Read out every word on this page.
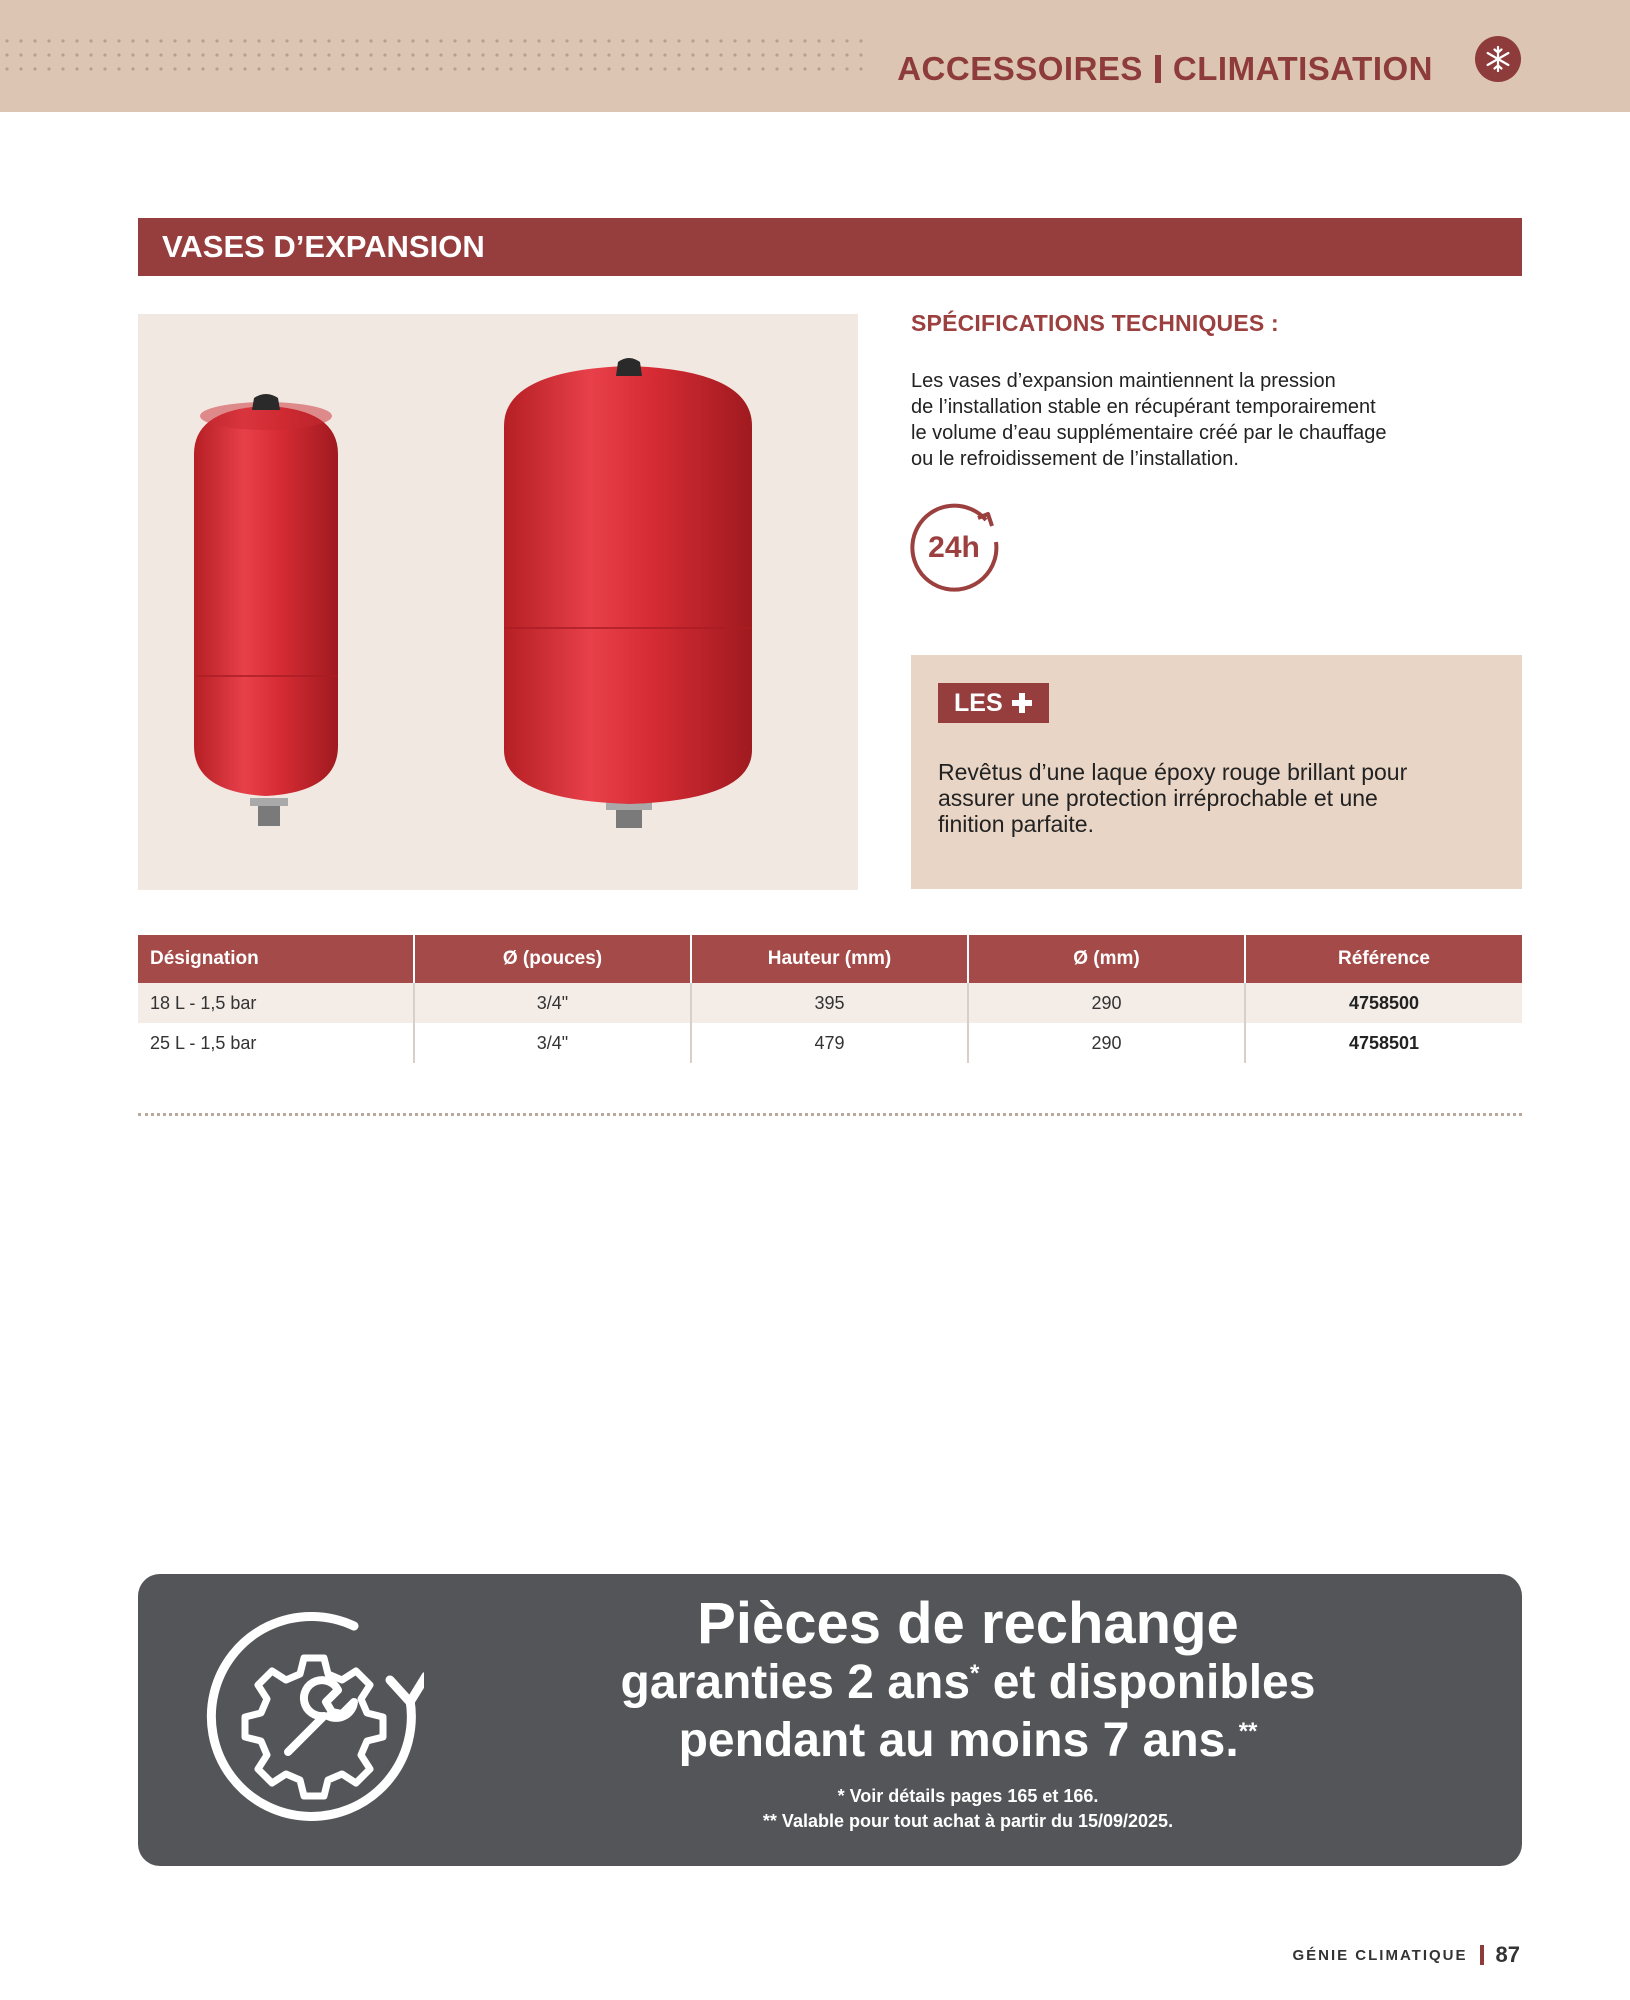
ACCESSOIRES CLIMATISATION
VASES D’EXPANSION
SPÉCIFICATIONS TECHNIQUES :
Les vases d’expansion maintiennent la pression
de l’installation stable en récupérant temporairement
le volume d’eau supplémentaire créé par le chauffage
ou le refroidissement de l’installation.
24h
LES
Revêtus d’une laque époxy rouge brillant pour
assurer une protection irréprochable et une
finition parfaite.
Désignation	Ø (pouces)	Hauteur (mm)	Ø (mm)	Référence
18 L - 1,5 bar	3/4"	395	290	4758500
25 L - 1,5 bar	3/4"	479	290	4758501
Pièces de rechange
garanties 2 ans* et disponibles
pendant au moins 7 ans.**
* Voir détails pages 165 et 166.
** Valable pour tout achat à partir du 15/09/2025.
GÉNIE CLIMATIQUE 87
